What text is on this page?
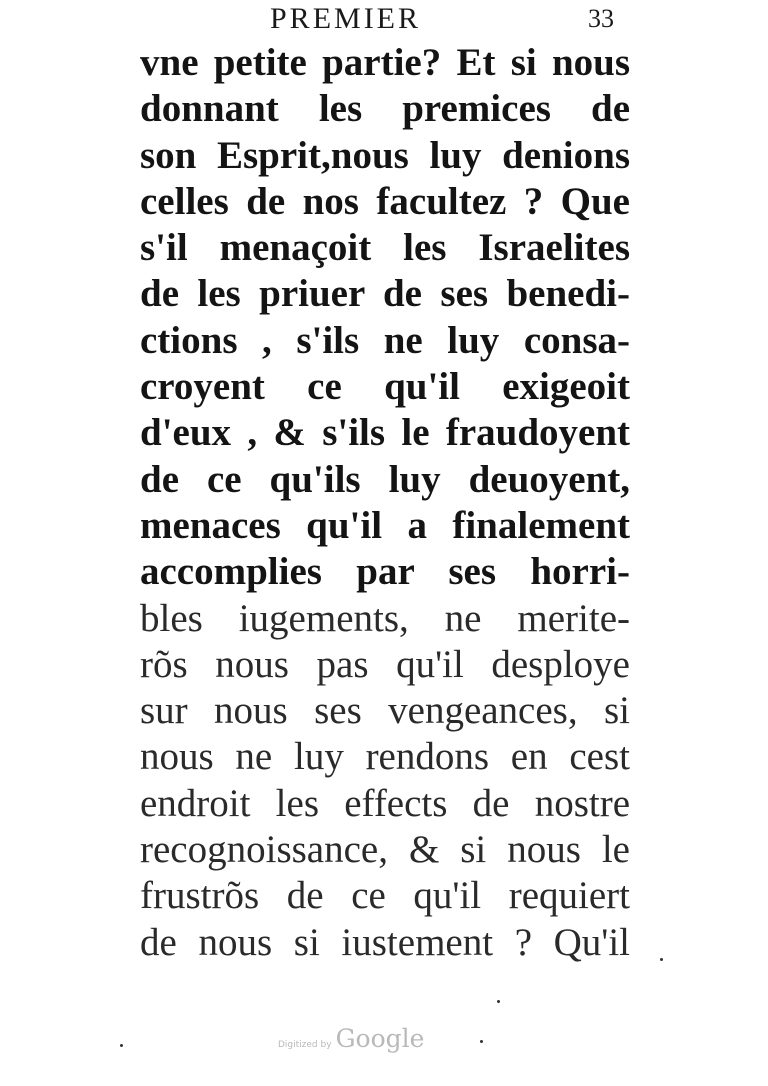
PREMIER	33
vne petite partie? Et si nous
donnant les premices de
son Esprit,nous luy denions
celles de nos facultez ? Que
s'il menaçoit les Israelites
de les priuer de ses benedi-
ctions , s'ils ne luy consa-
croyent ce qu'il exigeoit
d'eux , & s'ils le fraudoyent
de ce qu'ils luy deuoyent,
menaces qu'il a finalement
accomplies par ses horri-
bles iugements, ne merite-
rõs nous pas qu'il desploye
sur nous ses vengeances, si
nous ne luy rendons en cest
endroit les effects de nostre
recognoissance, & si nous le
frustrõs de ce qu'il requiert
de nous si iustement ? Qu'il
Digitized by Google
